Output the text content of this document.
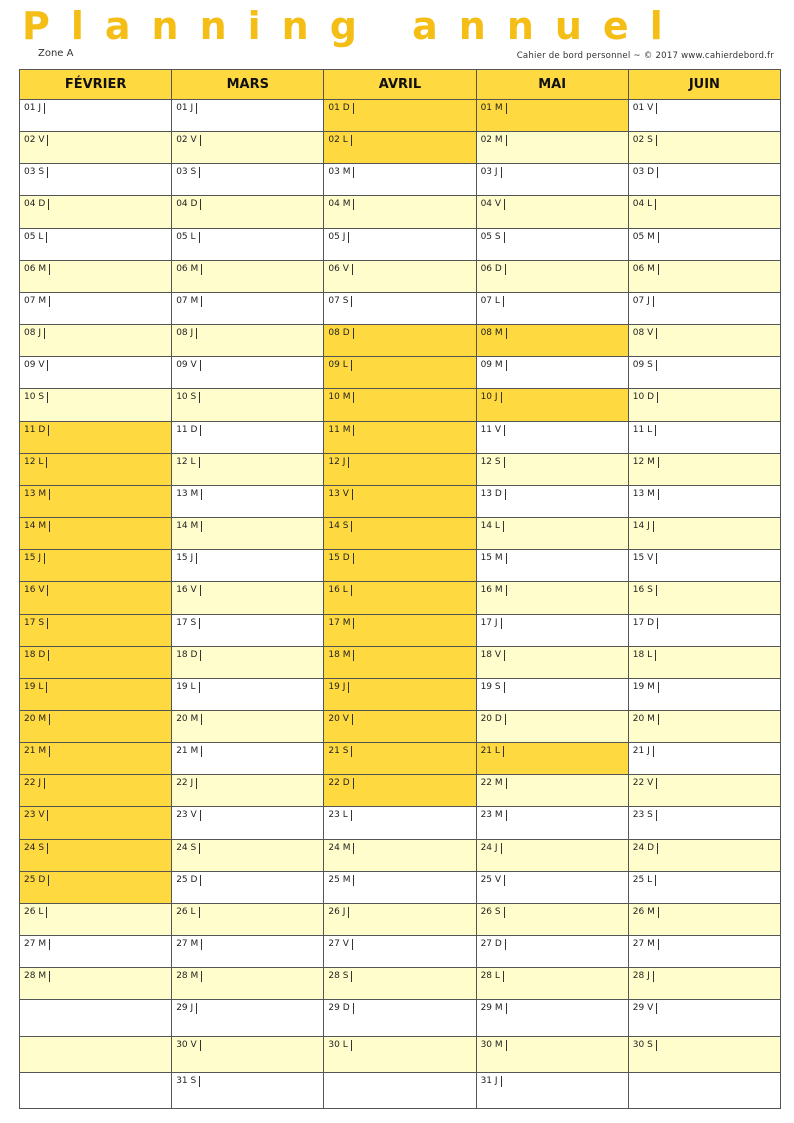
Planning annuel
Zone A	Cahier de bord personnel ~ © 2017 www.cahierdebord.fr
FÉVRIER	MARS	AVRIL	MAI	JUIN
01 J	01 J	01 D	01 M	01 V
02 V	02 V	02 L	02 M	02 S
03 S	03 S	03 M	03 J	03 D
04 D	04 D	04 M	04 V	04 L
05 L	05 L	05 J	05 S	05 M
06 M	06 M	06 V	06 D	06 M
07 M	07 M	07 S	07 L	07 J
08 J	08 J	08 D	08 M	08 V
09 V	09 V	09 L	09 M	09 S
10 S	10 S	10 M	10 J	10 D
11 D	11 D	11 M	11 V	11 L
12 L	12 L	12 J	12 S	12 M
13 M	13 M	13 V	13 D	13 M
14 M	14 M	14 S	14 L	14 J
15 J	15 J	15 D	15 M	15 V
16 V	16 V	16 L	16 M	16 S
17 S	17 S	17 M	17 J	17 D
18 D	18 D	18 M	18 V	18 L
19 L	19 L	19 J	19 S	19 M
20 M	20 M	20 V	20 D	20 M
21 M	21 M	21 S	21 L	21 J
22 J	22 J	22 D	22 M	22 V
23 V	23 V	23 L	23 M	23 S
24 S	24 S	24 M	24 J	24 D
25 D	25 D	25 M	25 V	25 L
26 L	26 L	26 J	26 S	26 M
27 M	27 M	27 V	27 D	27 M
28 M	28 M	28 S	28 L	28 J
	29 J	29 D	29 M	29 V
	30 V	30 L	30 M	30 S
	31 S		31 J	
